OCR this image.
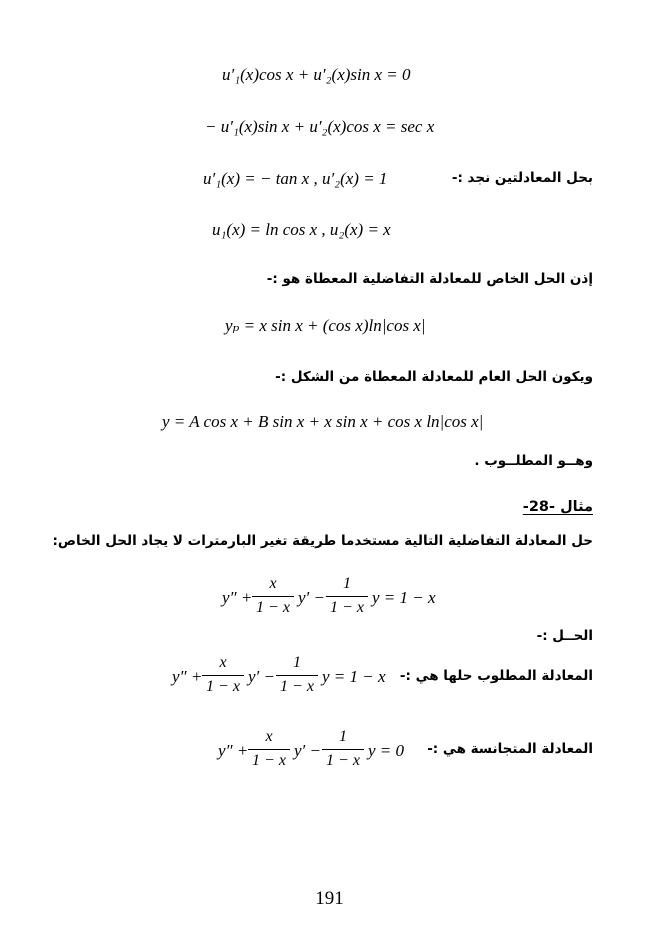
u′₁(x)cos x + u′₂(x)sin x = 0
− u′₁(x)sin x + u′₂(x)cos x = sec x
بحل المعادلتين نجد :-
u′₁(x) = − tan x , u′₂(x) = 1
u₁(x) = ln cos x , u₂(x) = x
إذن الحل الخاص للمعادلة التفاضلية المعطاة هو :-
yₚ = x sin x + (cos x)ln|cos x|
ويكون الحل العام للمعادلة المعطاة من الشكل :-
y = A cos x + B sin x + x sin x + cos x ln|cos x|
وهــو المطلــوب .
مثال -28-
حل المعادلة التفاضلية التالية مستخدما طريقة تغير البارمترات لا يجاد الحل الخاص:
y″ +
x
1 − x
y′ −
1
1 − x
y = 1 − x
الحــل :-
المعادلة المطلوب حلها هي :-
y″ +
x
1 − x
y′ −
1
1 − x
y = 1 − x
المعادلة المتجانسة هي :-
y″ +
x
1 − x
y′ −
1
1 − x
y = 0
191
